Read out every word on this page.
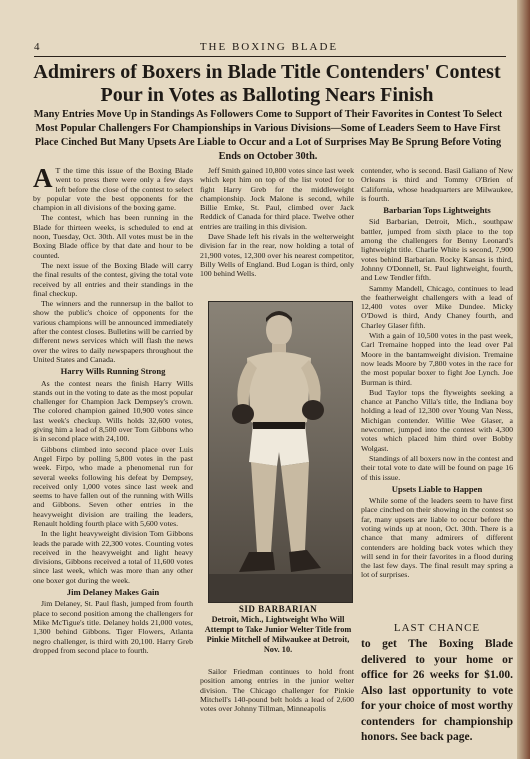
4	THE BOXING BLADE
Admirers of Boxers in Blade Title Contenders' Contest Pour in Votes as Balloting Nears Finish
Many Entries Move Up in Standings As Followers Come to Support of Their Favorites in Contest To Select Most Popular Challengers For Championships in Various Divisions—Some of Leaders Seem to Have First Place Cinched But Many Upsets Are Liable to Occur and a Lot of Surprises May Be Sprung Before Voting Ends on October 30th.

A T the time this issue of the Boxing Blade went to press there were only a few days left before the close of the contest to select by popular vote the best opponents for the champion in all divisions of the boxing game.

The contest, which has been running in the Blade for thirteen weeks, is scheduled to end at noon, Tuesday, Oct. 30th. All votes must be in the Boxing Blade office by that date and hour to be counted.

The next issue of the Boxing Blade will carry the final results of the contest, giving the total vote received by all entries and their standings in the final checkup.

The winners and the runnersup in the ballot to show the public's choice of opponents for the various champions will be announced immediately after the contest closes. Bulletins will be carried by different news services which will flash the news over the wires to daily newspapers throughout the United States and Canada.

Harry Wills Running Strong

As the contest nears the finish Harry Wills stands out in the voting to date as the most popular challenger for Champion Jack Dempsey's crown. The colored champion gained 10,900 votes since last week's checkup. Wills holds 32,600 votes, giving him a lead of 8,500 over Tom Gibbons who is in second place with 24,100.

Gibbons climbed into second place over Luis Angel Firpo by polling 5,800 votes in the past week. Firpo, who made a phenomenal run for several weeks following his defeat by Dempsey, received only 1,000 votes since last week and seems to have fallen out of the running with Wills and Gibbons. Seven other entries in the heavyweight division are trailing the leaders, Renault holding fourth place with 5,600 votes.

In the light heavyweight division Tom Gibbons leads the parade with 22,300 votes. Counting votes received in the heavyweight and light heavy divisions, Gibbons received a total of 11,600 votes since last week, which was more than any other one boxer got during the week.

Jim Delaney Makes Gain

Jim Delaney, St. Paul flash, jumped from fourth place to second position among the challengers for Mike McTigue's title. Delaney holds 21,000 votes, 1,300 behind Gibbons. Tiger Flowers, Atlanta negro challenger, is third with 20,100. Harry Greb dropped from second place to fourth.

Jeff Smith gained 10,800 votes since last week which kept him on top of the list voted for to fight Harry Greb for the middleweight championship. Jock Malone is second, while Billie Emke, St. Paul, climbed over Jack Reddick of Canada for third place. Twelve other entries are trailing in this division.

Dave Shade left his rivals in the welterweight division far in the rear, now holding a total of 21,900 votes, 12,300 over his nearest competitor, Billy Wells of England. Bud Logan is third, only 100 behind Wells.

SID BARBARIAN
Detroit, Mich., Lightweight Who Will Attempt to Take Junior Welter Title from Pinkie Mitchell of Milwaukee at Detroit, Nov. 10.

Sailor Friedman continues to hold front position among entries in the junior welter division. The Chicago challenger for Pinkie Mitchell's 140-pound belt holds a lead of 2,600 votes over Johnny Tillman, Minneapolis

contender, who is second. Basil Galiano of New Orleans is third and Tommy O'Brien of California, whose headquarters are Milwaukee, is fourth.

Barbarian Tops Lightweights

Sid Barbarian, Detroit, Mich., southpaw battler, jumped from sixth place to the top among the challengers for Benny Leonard's lightweight title. Charlie White is second, 7,900 votes behind Barbarian. Rocky Kansas is third, Johnny O'Donnell, St. Paul lightweight, fourth, and Lew Tendler fifth.

Sammy Mandell, Chicago, continues to lead the featherweight challengers with a lead of 12,400 votes over Mike Dundee. Micky O'Dowd is third, Andy Chaney fourth, and Charley Glaser fifth.

With a gain of 10,500 votes in the past week, Carl Tremaine hopped into the lead over Pal Moore in the bantamweight division. Tremaine now leads Moore by 7,800 votes in the race for the most popular boxer to fight Joe Lynch. Joe Burman is third.

Bud Taylor tops the flyweights seeking a chance at Pancho Villa's title, the Indiana boy holding a lead of 12,300 over Young Van Ness, Michigan contender. Willie Wee Glaser, a newcomer, jumped into the contest with 4,300 votes which placed him third over Bobby Wolgast.

Standings of all boxers now in the contest and their total vote to date will be found on page 16 of this issue.

Upsets Liable to Happen

While some of the leaders seem to have first place cinched on their showing in the contest so far, many upsets are liable to occur before the voting winds up at noon, Oct. 30th. There is a chance that many admirers of different contenders are holding back votes which they will send in for their favorites in a flood during the last few days. The final result may spring a lot of surprises.

LAST CHANCE
to get The Boxing Blade delivered to your home or office for 26 weeks for $1.00. Also last opportunity to vote for your choice of most worthy contenders for championship honors. See back page.
